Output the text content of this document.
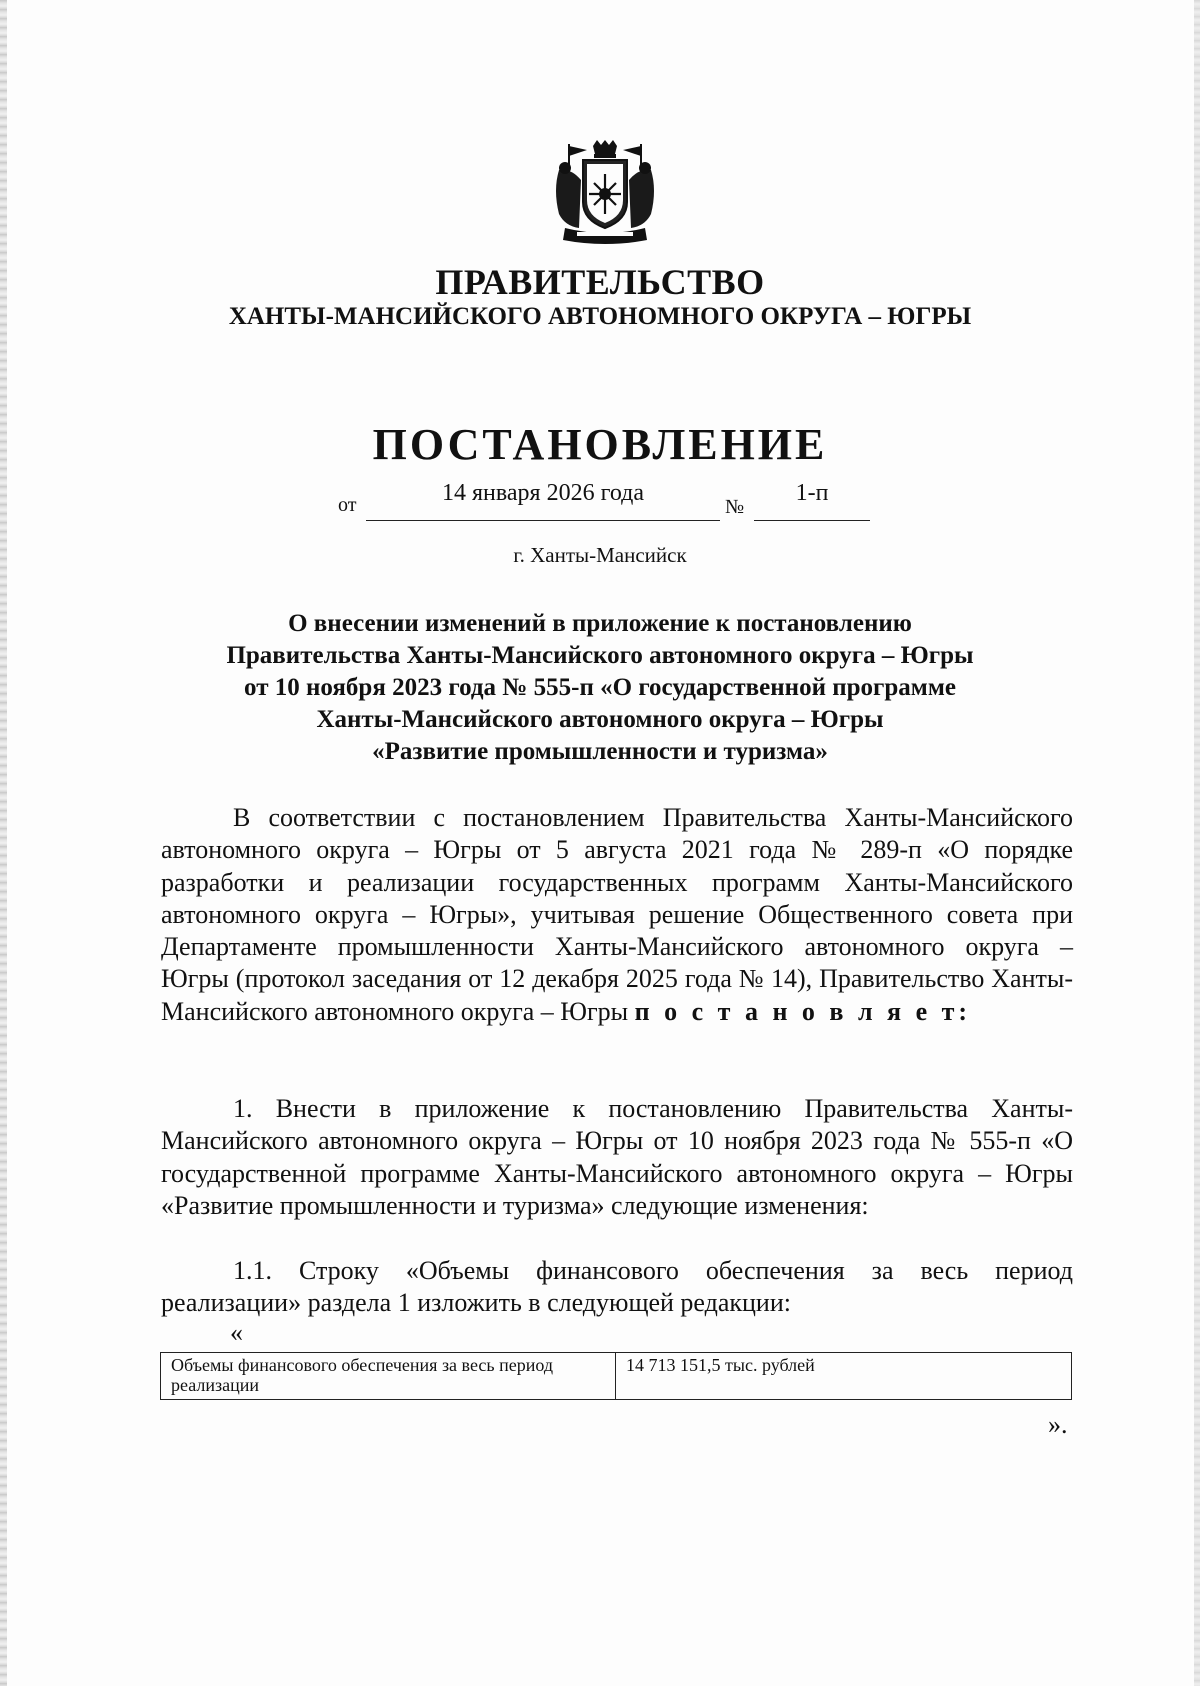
ПРАВИТЕЛЬСТВО
ХАНТЫ-МАНСИЙСКОГО АВТОНОМНОГО ОКРУГА – ЮГРЫ
ПОСТАНОВЛЕНИЕ
от	14 января 2026 года
№
1-п
г. Ханты-Мансийск
О внесении изменений в приложение к постановлению
Правительства Ханты-Мансийского автономного округа – Югры
от 10 ноября 2023 года № 555-п «О государственной программе
Ханты-Мансийского автономного округа – Югры
«Развитие промышленности и туризма»
В соответствии с постановлением Правительства Ханты-Мансийского автономного округа – Югры от 5 августа 2021 года № 289-п «О порядке разработки и реализации государственных программ Ханты-Мансийского автономного округа – Югры», учитывая решение Общественного совета при Департаменте промышленности Ханты-Мансийского автономного округа – Югры (протокол заседания от 12 декабря 2025 года № 14), Правительство Ханты-Мансийского автономного округа – Югры п о с т а н о в л я е т:
1. Внести в приложение к постановлению Правительства Ханты-Мансийского автономного округа – Югры от 10 ноября 2023 года № 555-п «О государственной программе Ханты-Мансийского автономного округа – Югры «Развитие промышленности и туризма» следующие изменения:
1.1. Строку «Объемы финансового обеспечения за весь период реализации» раздела 1 изложить в следующей редакции:
«
Объемы финансового обеспечения за весь период реализации	14 713 151,5 тыс. рублей
».
